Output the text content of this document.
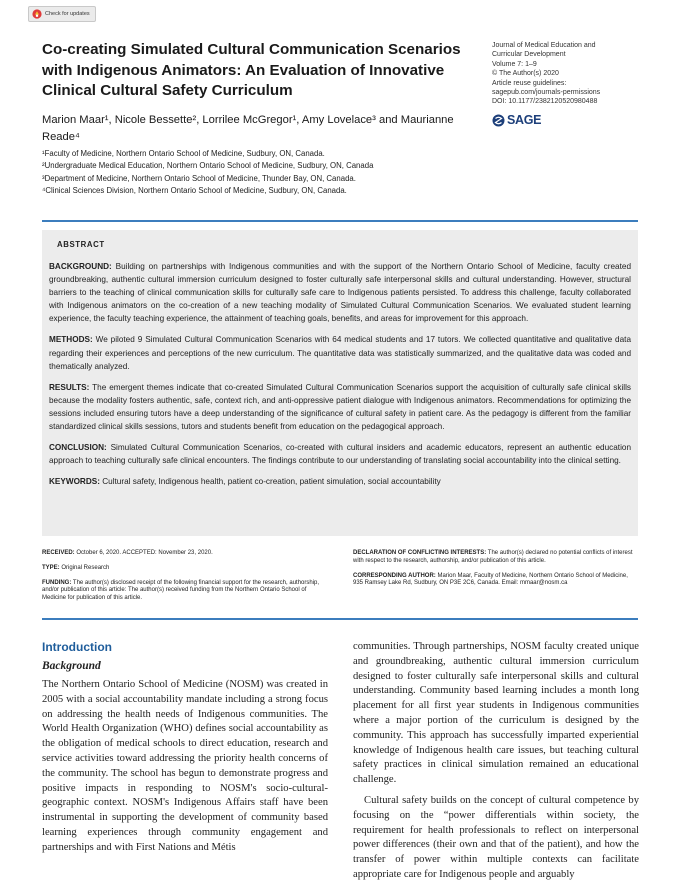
Check for updates
Co-creating Simulated Cultural Communication Scenarios with Indigenous Animators: An Evaluation of Innovative Clinical Cultural Safety Curriculum
Marion Maar¹, Nicole Bessette², Lorrilee McGregor¹, Amy Lovelace³ and Maurianne Reade⁴
¹Faculty of Medicine, Northern Ontario School of Medicine, Sudbury, ON, Canada.
²Undergraduate Medical Education, Northern Ontario School of Medicine, Sudbury, ON, Canada
³Department of Medicine, Northern Ontario School of Medicine, Thunder Bay, ON, Canada.
⁴Clinical Sciences Division, Northern Ontario School of Medicine, Sudbury, ON, Canada.
Journal of Medical Education and
Curricular Development
Volume 7: 1–9
© The Author(s) 2020
Article reuse guidelines:
sagepub.com/journals-permissions
DOI: 10.1177/2382120520980488
SAGE
ABSTRACT

BACKGROUND: Building on partnerships with Indigenous communities and with the support of the Northern Ontario School of Medicine, faculty created groundbreaking, authentic cultural immersion curriculum designed to foster culturally safe interpersonal skills and cultural understanding. However, structural barriers to the teaching of clinical communication skills for culturally safe care to Indigenous patients persisted. To address this challenge, faculty collaborated with Indigenous animators on the co-creation of a new teaching modality of Simulated Cultural Communication Scenarios. We evaluated student learning experience, the faculty teaching experience, the attainment of teaching goals, benefits, and areas for improvement for this approach.

METHODS: We piloted 9 Simulated Cultural Communication Scenarios with 64 medical students and 17 tutors. We collected quantitative and qualitative data regarding their experiences and perceptions of the new curriculum. The quantitative data was statistically summarized, and the qualitative data was coded and thematically analyzed.

RESULTS: The emergent themes indicate that co-created Simulated Cultural Communication Scenarios support the acquisition of culturally safe clinical skills because the modality fosters authentic, safe, context rich, and anti-oppressive patient dialogue with Indigenous animators. Recommendations for optimizing the sessions included ensuring tutors have a deep understanding of the significance of cultural safety in patient care. As the pedagogy is different from the familiar standardized clinical skills sessions, tutors and students benefit from education on the pedagogical approach.

CONCLUSION: Simulated Cultural Communication Scenarios, co-created with cultural insiders and academic educators, represent an authentic education approach to teaching culturally safe clinical encounters. The findings contribute to our understanding of translating social accountability into the clinical setting.

KEYWORDS: Cultural safety, Indigenous health, patient co-creation, patient simulation, social accountability

RECEIVED: October 6, 2020. ACCEPTED: November 23, 2020.

TYPE: Original Research

FUNDING: The author(s) disclosed receipt of the following financial support for the research, authorship, and/or publication of this article: The author(s) received funding from the Northern Ontario School of Medicine for publication of this article.

DECLARATION OF CONFLICTING INTERESTS: The author(s) declared no potential conflicts of interest with respect to the research, authorship, and/or publication of this article.

CORRESPONDING AUTHOR: Marion Maar, Faculty of Medicine, Northern Ontario School of Medicine, 935 Ramsey Lake Rd, Sudbury, ON P3E 2C6, Canada. Email: mmaar@nosm.ca

Introduction
Background

The Northern Ontario School of Medicine (NOSM) was created in 2005 with a social accountability mandate including a strong focus on addressing the health needs of Indigenous communities. The World Health Organization (WHO) defines social accountability as the obligation of medical schools to direct education, research and service activities toward addressing the priority health concerns of the community. The school has begun to demonstrate progress and positive impacts in responding to NOSM's socio-cultural-geographic context. NOSM's Indigenous Affairs staff have been instrumental in supporting the development of community based learning experiences through community engagement and partnerships and with First Nations and Métis

communities. Through partnerships, NOSM faculty created unique and groundbreaking, authentic cultural immersion curriculum designed to foster culturally safe interpersonal skills and cultural understanding. Community based learning includes a month long placement for all first year students in Indigenous communities where a major portion of the curriculum is designed by the community. This approach has successfully imparted experiential knowledge of Indigenous health care issues, but teaching cultural safety practices in clinical simulation remained an educational challenge.

Cultural safety builds on the concept of cultural competence by focusing on the “power differentials within society, the requirement for health professionals to reflect on interpersonal power differences (their own and that of the patient), and how the transfer of power within multiple contexts can facilitate appropriate care for Indigenous people and arguably
